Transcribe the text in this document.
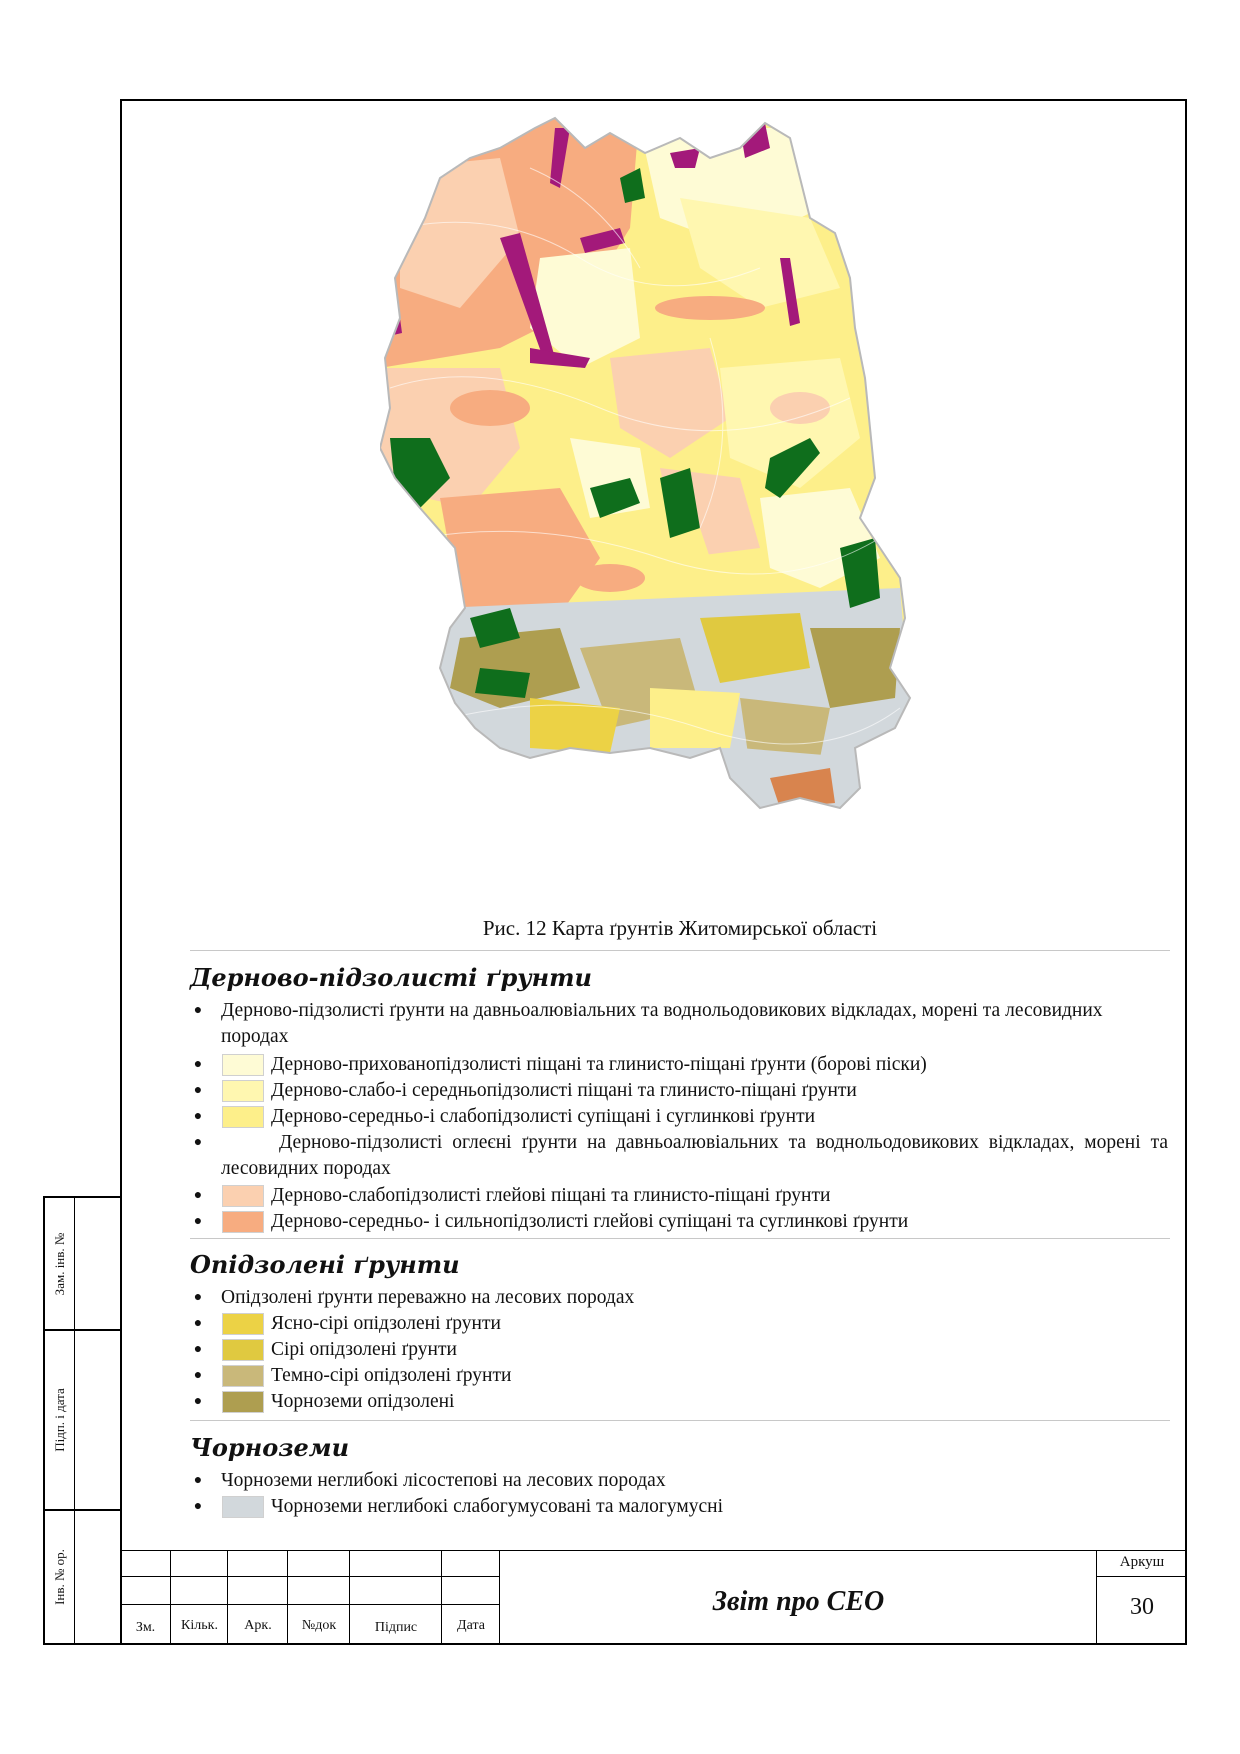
Зам. інв. №
Підп. і дата
Інв. № ор.
Рис. 12 Карта ґрунтів Житомирської області
Дерново-підзолисті ґрунти
● Дерново-підзолисті ґрунти на давньоалювіальних та воднольодовикових відкладах, морені та лесовидних породах
●	Дерново-прихованопідзолисті піщані та глинисто-піщані ґрунти (борові піски)
●	Дерново-слабо-і середньопідзолисті піщані та глинисто-піщані ґрунти
●	Дерново-середньо-і слабопідзолисті супіщані і суглинкові ґрунти
●	Дерново-підзолисті оглеєні ґрунти на давньоалювіальних та воднольодовикових відкладах, морені та лесовидних породах
●	Дерново-слабопідзолисті глейові піщані та глинисто-піщані ґрунти
●	Дерново-середньо- і сильнопідзолисті глейові супіщані та суглинкові ґрунти
Опідзолені ґрунти
● Опідзолені ґрунти переважно на лесових породах
●	Ясно-сірі опідзолені ґрунти
●	Сірі опідзолені ґрунти
●	Темно-сірі опідзолені ґрунти
●	Чорноземи опідзолені
Чорноземи
● Чорноземи неглибокі лісостепові на лесових породах
●	Чорноземи неглибокі слабогумусовані та малогумусні
Зм.	Кільк.	Арк.	№док	Підпис	Дата
Звіт про СЕО
Аркуш
30
